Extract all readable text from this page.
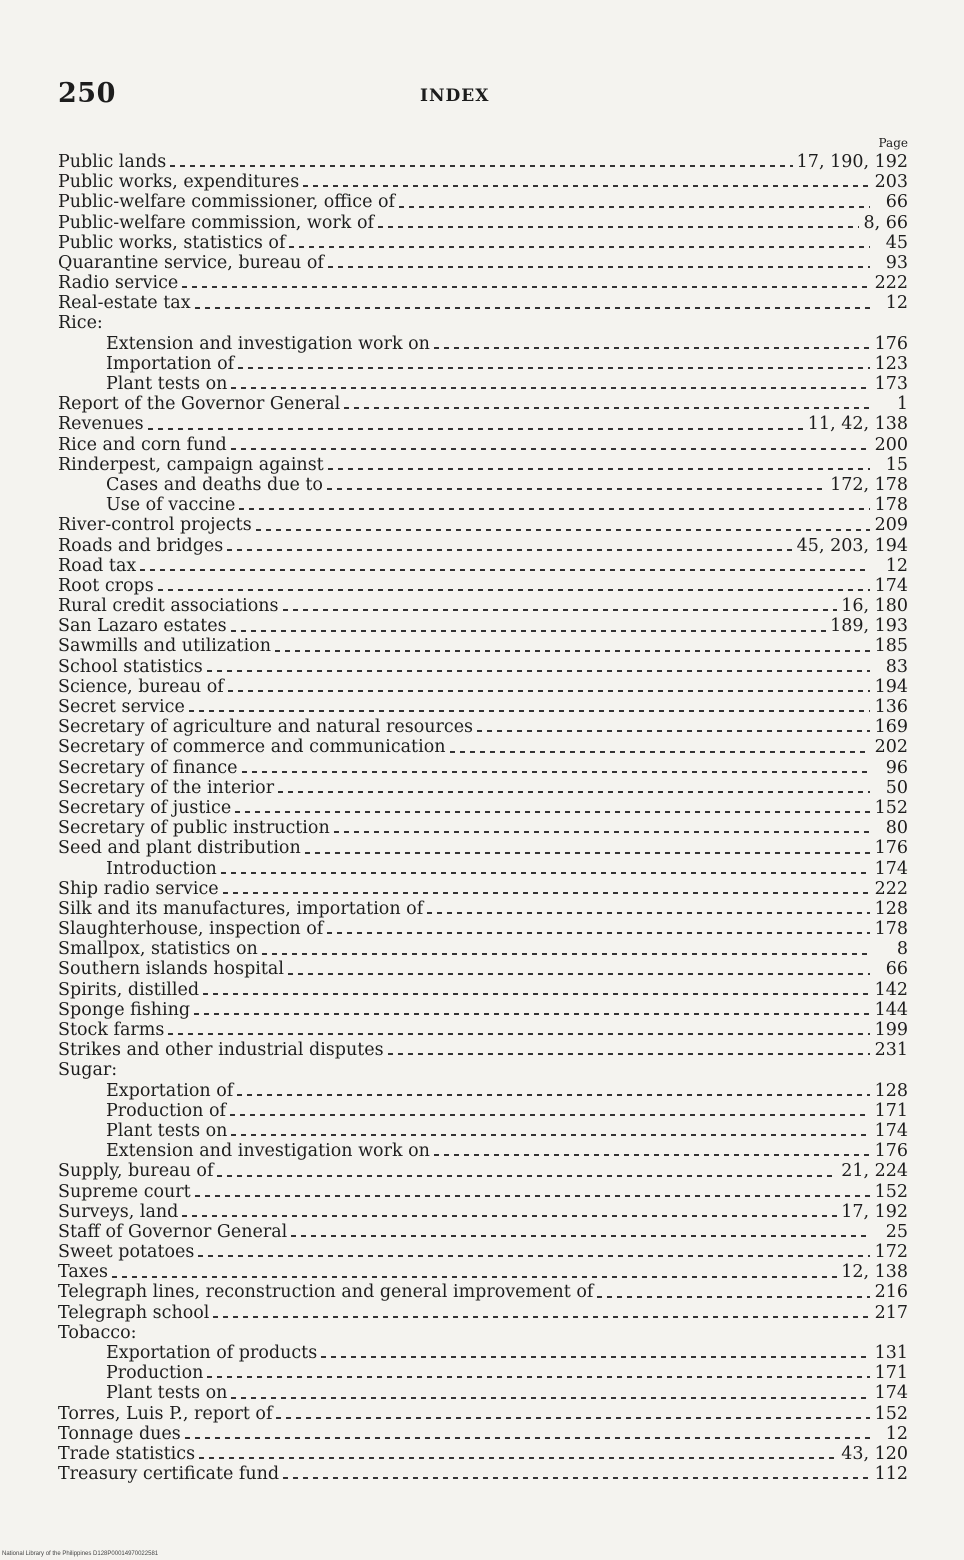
250	INDEX
Page
Public lands	17, 190, 192
Public works, expenditures	203
Public-welfare commissioner, office of	66
Public-welfare commission, work of	8, 66
Public works, statistics of	45
Quarantine service, bureau of	93
Radio service	222
Real-estate tax	12
Rice:
Extension and investigation work on	176
Importation of	123
Plant tests on	173
Report of the Governor General	1
Revenues	11, 42, 138
Rice and corn fund	200
Rinderpest, campaign against	15
Cases and deaths due to	172, 178
Use of vaccine	178
River-control projects	209
Roads and bridges	45, 203, 194
Road tax	12
Root crops	174
Rural credit associations	16, 180
San Lazaro estates	189, 193
Sawmills and utilization	185
School statistics	83
Science, bureau of	194
Secret service	136
Secretary of agriculture and natural resources	169
Secretary of commerce and communication	202
Secretary of finance	96
Secretary of the interior	50
Secretary of justice	152
Secretary of public instruction	80
Seed and plant distribution	176
Introduction	174
Ship radio service	222
Silk and its manufactures, importation of	128
Slaughterhouse, inspection of	178
Smallpox, statistics on	8
Southern islands hospital	66
Spirits, distilled	142
Sponge fishing	144
Stock farms	199
Strikes and other industrial disputes	231
Sugar:
Exportation of	128
Production of	171
Plant tests on	174
Extension and investigation work on	176
Supply, bureau of	21, 224
Supreme court	152
Surveys, land	17, 192
Staff of Governor General	25
Sweet potatoes	172
Taxes	12, 138
Telegraph lines, reconstruction and general improvement of	216
Telegraph school	217
Tobacco:
Exportation of products	131
Production	171
Plant tests on	174
Torres, Luis P., report of	152
Tonnage dues	12
Trade statistics	43, 120
Treasury certificate fund	112
National Library of the Philippines D128P00014970022581
